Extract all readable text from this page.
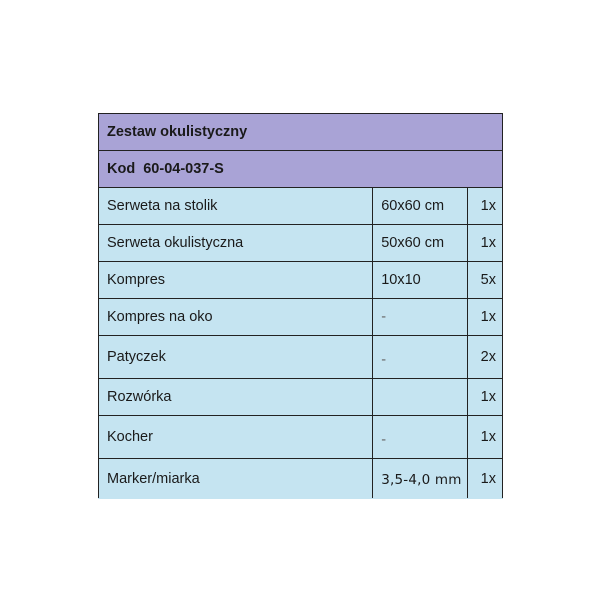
Zestaw okulistyczny		
Kod  60-04-037-S		
Serweta na stolik	60x60 cm	1x
Serweta okulistyczna	50x60 cm	1x
Kompres	10x10	5x
Kompres na oko	-	1x
Patyczek	-	2x
Rozwórka		1x
Kocher	-	1x
Marker/miarka	3,5-4,0 mm	1x
